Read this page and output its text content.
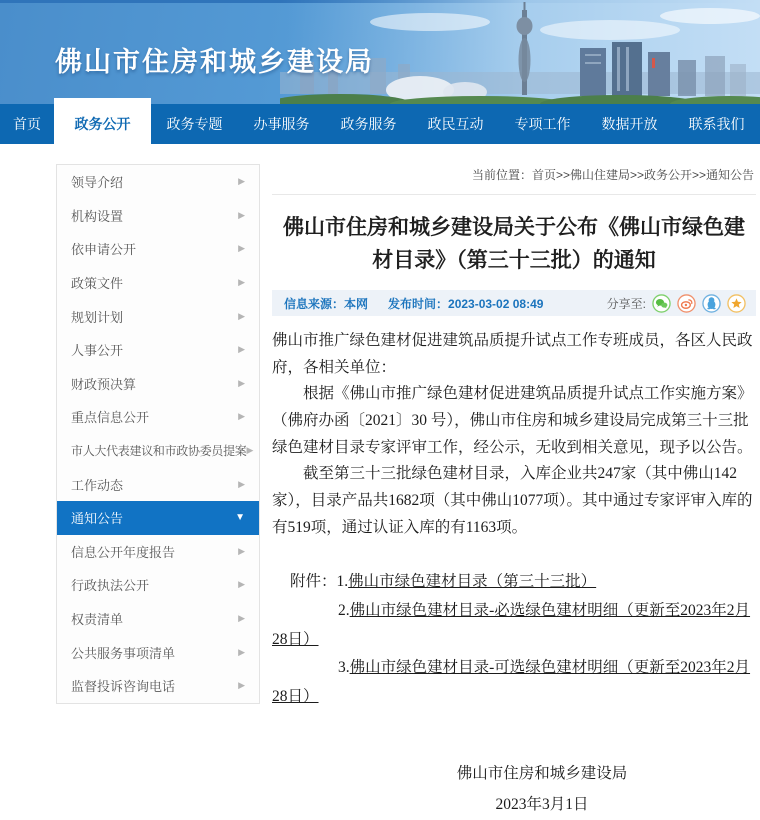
佛山市住房和城乡建设局
首页	政务公开	政务专题	办事服务	政务服务	政民互动	专项工作	数据开放	联系我们
领导介绍	▶
机构设置	▶
依申请公开	▶
政策文件	▶
规划计划	▶
人事公开	▶
财政预决算	▶
重点信息公开	▶
市人大代表建议和市政协委员提案 ▶
工作动态	▶
通知公告	▼
信息公开年度报告	▶
行政执法公开	▶
权责清单	▶
公共服务事项清单	▶
监督投诉咨询电话	▶
当前位置：首页>>佛山住建局>>政务公开>>通知公告
佛山市住房和城乡建设局关于公布《佛山市绿色建材目录》（第三十三批）的通知
信息来源：本网 发布时间：2023-03-02 08:49	分享至:

佛山市推广绿色建材促进建筑品质提升试点工作专班成员，各区人民政府，各相关单位：

根据《佛山市推广绿色建材促进建筑品质提升试点工作实施方案》（佛府办函〔2021〕30 号），佛山市住房和城乡建设局完成第三十三批绿色建材目录专家评审工作，经公示，无收到相关意见，现予以公告。

截至第三十三批绿色建材目录，入库企业共247家（其中佛山142家），目录产品共1682项（其中佛山1077项）。其中通过专家评审入库的有519项，通过认证入库的有1163项。

附件：1.佛山市绿色建材目录（第三十三批）

2.佛山市绿色建材目录-必选绿色建材明细（更新至2023年2月28日）

3.佛山市绿色建材目录-可选绿色建材明细（更新至2023年2月28日）

佛山市住房和城乡建设局
2023年3月1日
